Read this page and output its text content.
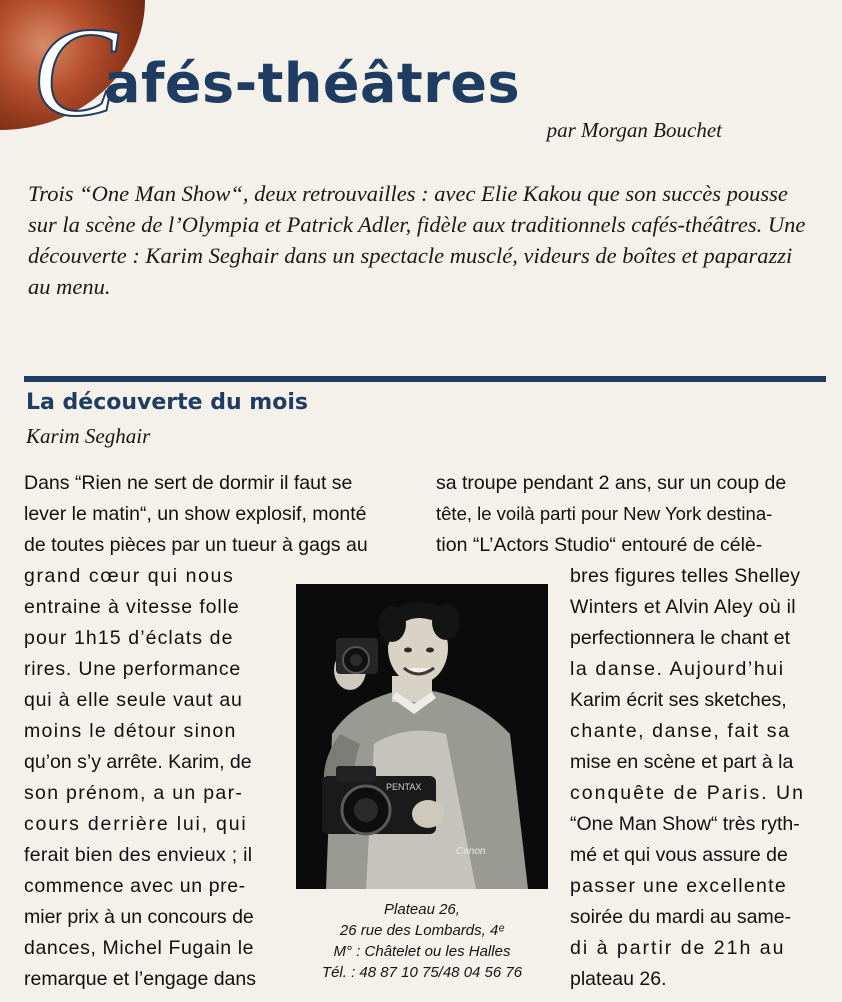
C
afés-théâtres
par Morgan Bouchet
Trois “One Man Show“, deux retrouvailles : avec Elie Kakou que son succès pousse sur la scène de l’Olympia et Patrick Adler, fidèle aux traditionnels cafés-théâtres. Une découverte : Karim Seghair dans un spectacle musclé, videurs de boîtes et paparazzi au menu.
La découverte du mois
Karim Seghair
Dans “Rien ne sert de dormir il faut se
lever le matin“, un show explosif, monté
de toutes pièces par un tueur à gags au
grand cœur qui nous
entraine à vitesse folle
pour 1h15 d’éclats de
rires. Une performance
qui à elle seule vaut au
moins le détour sinon
qu’on s’y arrête. Karim, de
son prénom, a un par-
cours derrière lui, qui
ferait bien des envieux ; il
commence avec un pre-
mier prix à un concours de
dances, Michel Fugain le
remarque et l’engage dans
sa troupe pendant 2 ans, sur un coup de
tête, le voilà parti pour New York destina-
tion “L’Actors Studio“ entouré de célè-
bres figures telles Shelley
Winters et Alvin Aley où il
perfectionnera le chant et
la danse. Aujourd’hui
Karim écrit ses sketches,
chante, danse, fait sa
mise en scène et part à la
conquête de Paris. Un
“One Man Show“ très ryth-
mé et qui vous assure de
passer une excellente
soirée du mardi au same-
di à partir de 21h au
plateau 26.
PENTAX
Canon
Plateau 26,
26 rue des Lombards, 4ᵉ
M° : Châtelet ou les Halles
Tél. : 48 87 10 75/48 04 56 76
